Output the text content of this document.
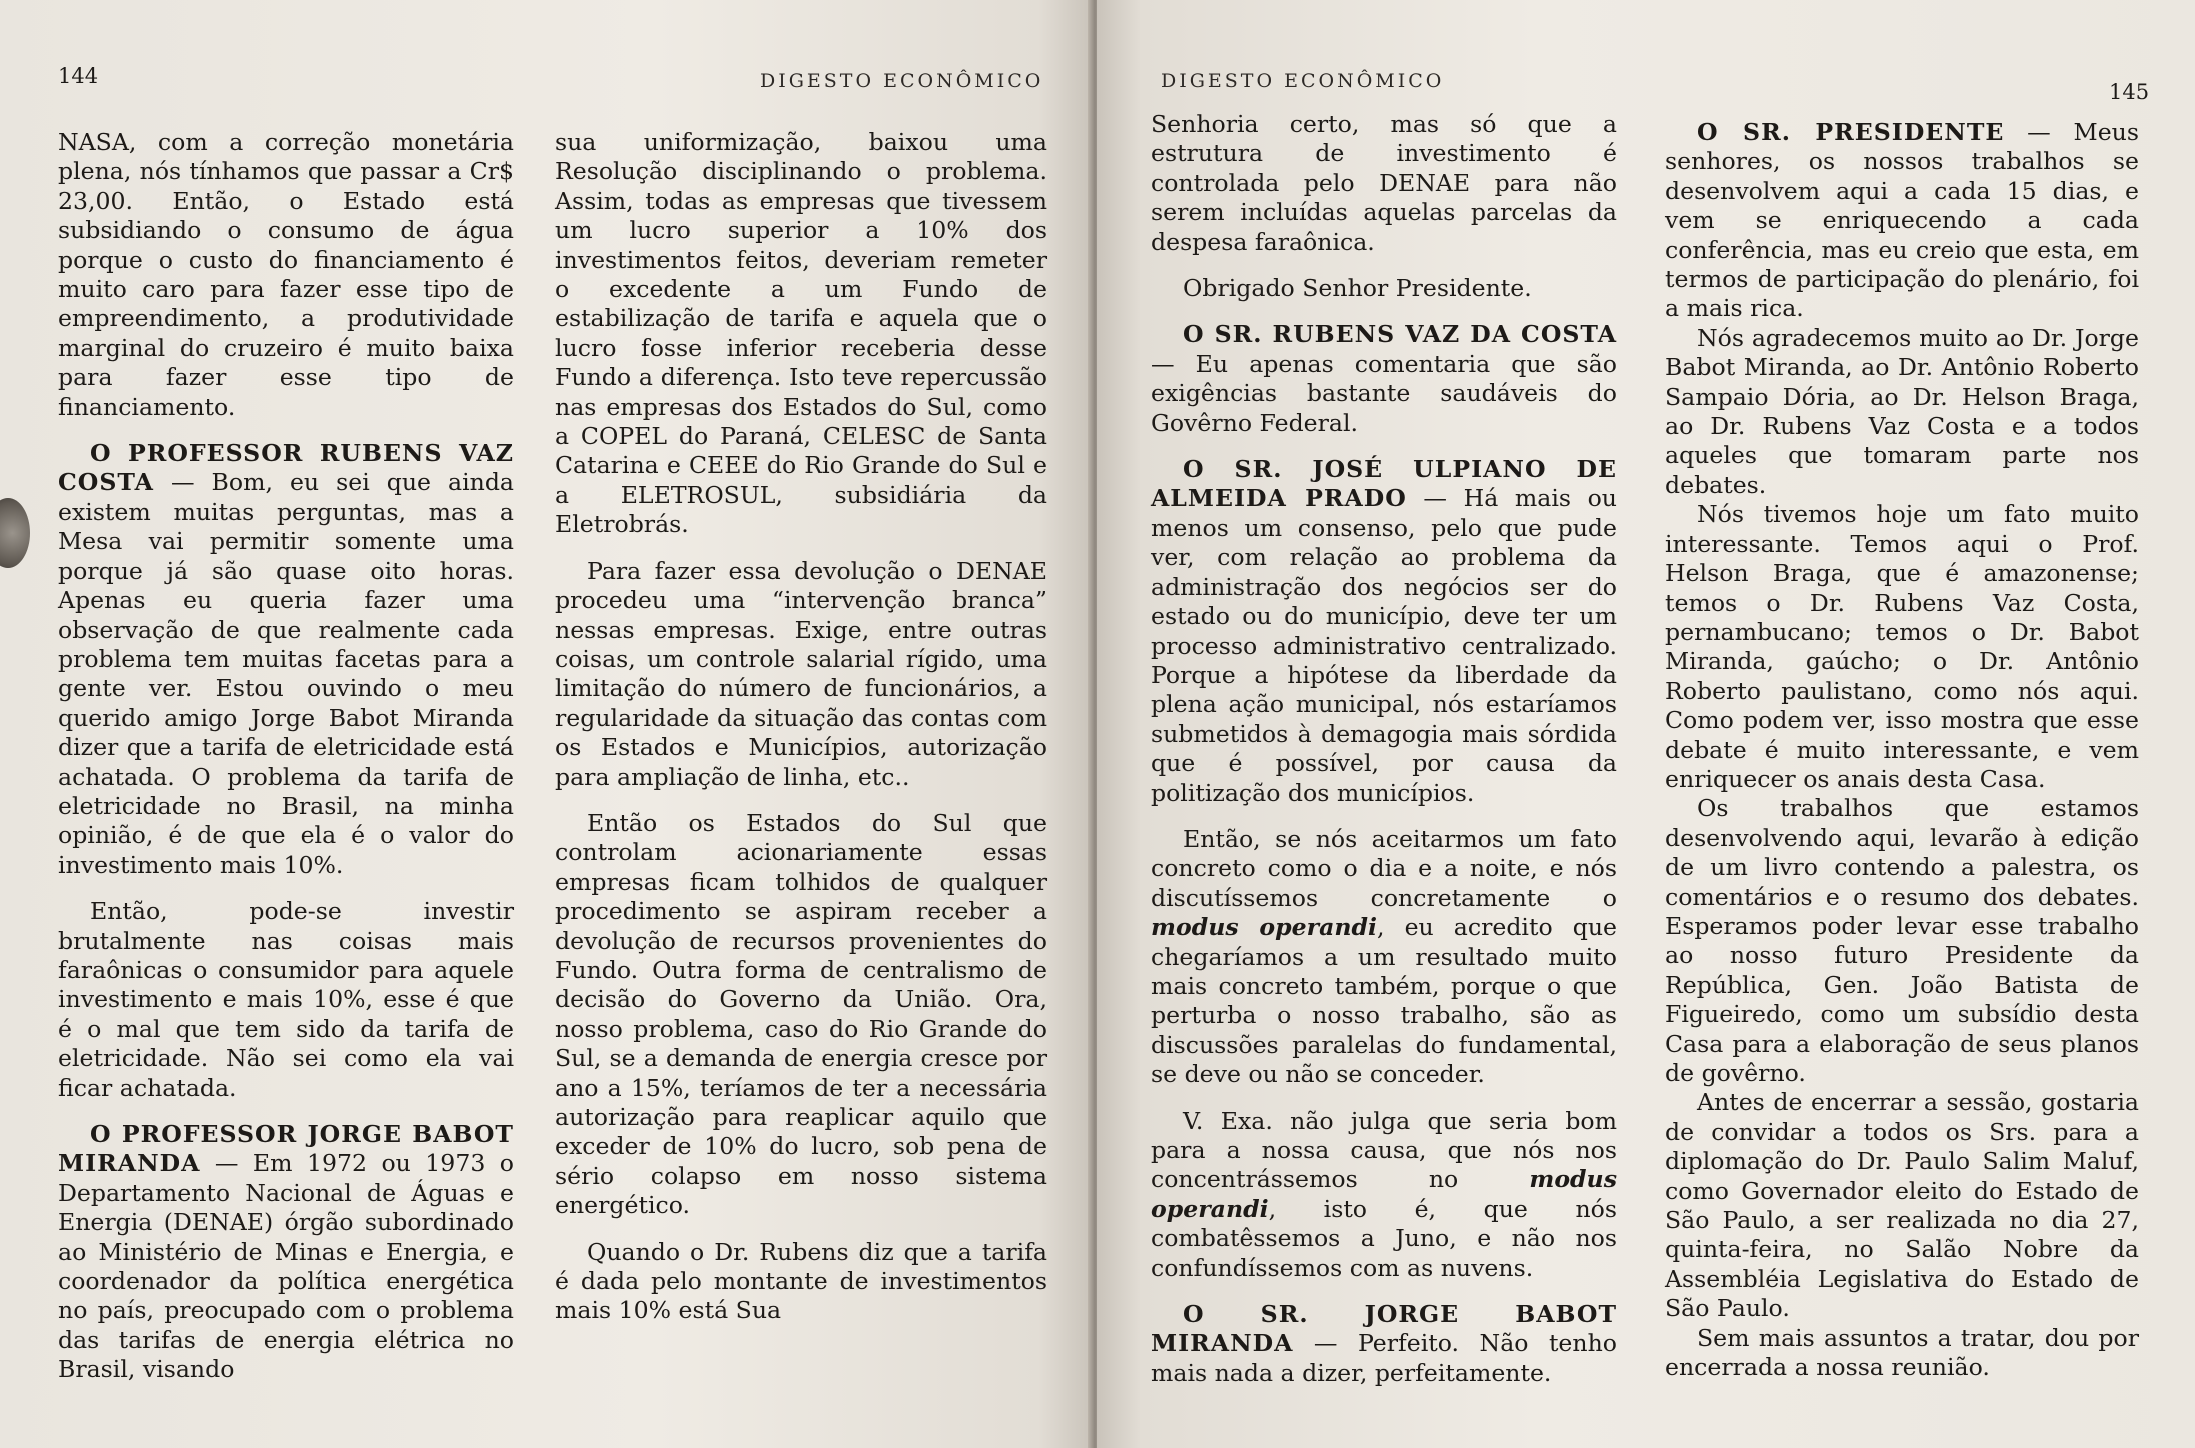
144	DIGESTO ECONÔMICO

NASA, com a correção monetária plena, nós tínhamos que passar a Cr$ 23,00. Então, o Estado está subsidiando o consumo de água porque o custo do financiamento é muito caro para fazer esse tipo de empreendimento, a produtividade marginal do cruzeiro é muito baixa para fazer esse tipo de financiamento.

O PROFESSOR RUBENS VAZ COSTA — Bom, eu sei que ainda existem muitas perguntas, mas a Mesa vai permitir somente uma porque já são quase oito horas. Apenas eu queria fazer uma observação de que realmente cada problema tem muitas facetas para a gente ver. Estou ouvindo o meu querido amigo Jorge Babot Miranda dizer que a tarifa de eletricidade está achatada. O problema da tarifa de eletricidade no Brasil, na minha opinião, é de que ela é o valor do investimento mais 10%.

Então, pode-se investir brutalmente nas coisas mais faraônicas o consumidor para aquele investimento e mais 10%, esse é que é o mal que tem sido da tarifa de eletricidade. Não sei como ela vai ficar achatada.

O PROFESSOR JORGE BABOT MIRANDA — Em 1972 ou 1973 o Departamento Nacional de Águas e Energia (DENAE) órgão subordinado ao Ministério de Minas e Energia, e coordenador da política energética no país, preocupado com o problema das tarifas de energia elétrica no Brasil, visando

sua uniformização, baixou uma Resolução disciplinando o problema. Assim, todas as empresas que tivessem um lucro superior a 10% dos investimentos feitos, deveriam remeter o excedente a um Fundo de estabilização de tarifa e aquela que o lucro fosse inferior receberia desse Fundo a diferença. Isto teve repercussão nas empresas dos Estados do Sul, como a COPEL do Paraná, CELESC de Santa Catarina e CEEE do Rio Grande do Sul e a ELETROSUL, subsidiária da Eletrobrás.

Para fazer essa devolução o DENAE procedeu uma “intervenção branca” nessas empresas. Exige, entre outras coisas, um controle salarial rígido, uma limitação do número de funcionários, a regularidade da situação das contas com os Estados e Municípios, autorização para ampliação de linha, etc..

Então os Estados do Sul que controlam acionariamente essas empresas ficam tolhidos de qualquer procedimento se aspiram receber a devolução de recursos provenientes do Fundo. Outra forma de centralismo de decisão do Governo da União. Ora, nosso problema, caso do Rio Grande do Sul, se a demanda de energia cresce por ano a 15%, teríamos de ter a necessária autorização para reaplicar aquilo que exceder de 10% do lucro, sob pena de sério colapso em nosso sistema energético.

Quando o Dr. Rubens diz que a tarifa é dada pelo montante de investimentos mais 10% está Sua

DIGESTO ECONÔMICO	145

Senhoria certo, mas só que a estrutura de investimento é controlada pelo DENAE para não serem incluídas aquelas parcelas da despesa faraônica.

Obrigado Senhor Presidente.

O SR. RUBENS VAZ DA COSTA — Eu apenas comentaria que são exigências bastante saudáveis do Govêrno Federal.

O SR. JOSÉ ULPIANO DE ALMEIDA PRADO — Há mais ou menos um consenso, pelo que pude ver, com relação ao problema da administração dos negócios ser do estado ou do município, deve ter um processo administrativo centralizado. Porque a hipótese da liberdade da plena ação municipal, nós estaríamos submetidos à demagogia mais sórdida que é possível, por causa da politização dos municípios.

Então, se nós aceitarmos um fato concreto como o dia e a noite, e nós discutíssemos concretamente o modus operandi, eu acredito que chegaríamos a um resultado muito mais concreto também, porque o que perturba o nosso trabalho, são as discussões paralelas do fundamental, se deve ou não se conceder.

V. Exa. não julga que seria bom para a nossa causa, que nós nos concentrássemos no modus operandi, isto é, que nós combatêssemos a Juno, e não nos confundíssemos com as nuvens.

O SR. JORGE BABOT MIRANDA — Perfeito. Não tenho mais nada a dizer, perfeitamente.

O SR. PRESIDENTE — Meus senhores, os nossos trabalhos se desenvolvem aqui a cada 15 dias, e vem se enriquecendo a cada conferência, mas eu creio que esta, em termos de participação do plenário, foi a mais rica.

Nós agradecemos muito ao Dr. Jorge Babot Miranda, ao Dr. Antônio Roberto Sampaio Dória, ao Dr. Helson Braga, ao Dr. Rubens Vaz Costa e a todos aqueles que tomaram parte nos debates.

Nós tivemos hoje um fato muito interessante. Temos aqui o Prof. Helson Braga, que é amazonense; temos o Dr. Rubens Vaz Costa, pernambucano; temos o Dr. Babot Miranda, gaúcho; o Dr. Antônio Roberto paulistano, como nós aqui. Como podem ver, isso mostra que esse debate é muito interessante, e vem enriquecer os anais desta Casa.

Os trabalhos que estamos desenvolvendo aqui, levarão à edição de um livro contendo a palestra, os comentários e o resumo dos debates. Esperamos poder levar esse trabalho ao nosso futuro Presidente da República, Gen. João Batista de Figueiredo, como um subsídio desta Casa para a elaboração de seus planos de govêrno.

Antes de encerrar a sessão, gostaria de convidar a todos os Srs. para a diplomação do Dr. Paulo Salim Maluf, como Governador eleito do Estado de São Paulo, a ser realizada no dia 27, quinta-feira, no Salão Nobre da Assembléia Legislativa do Estado de São Paulo.

Sem mais assuntos a tratar, dou por encerrada a nossa reunião.
